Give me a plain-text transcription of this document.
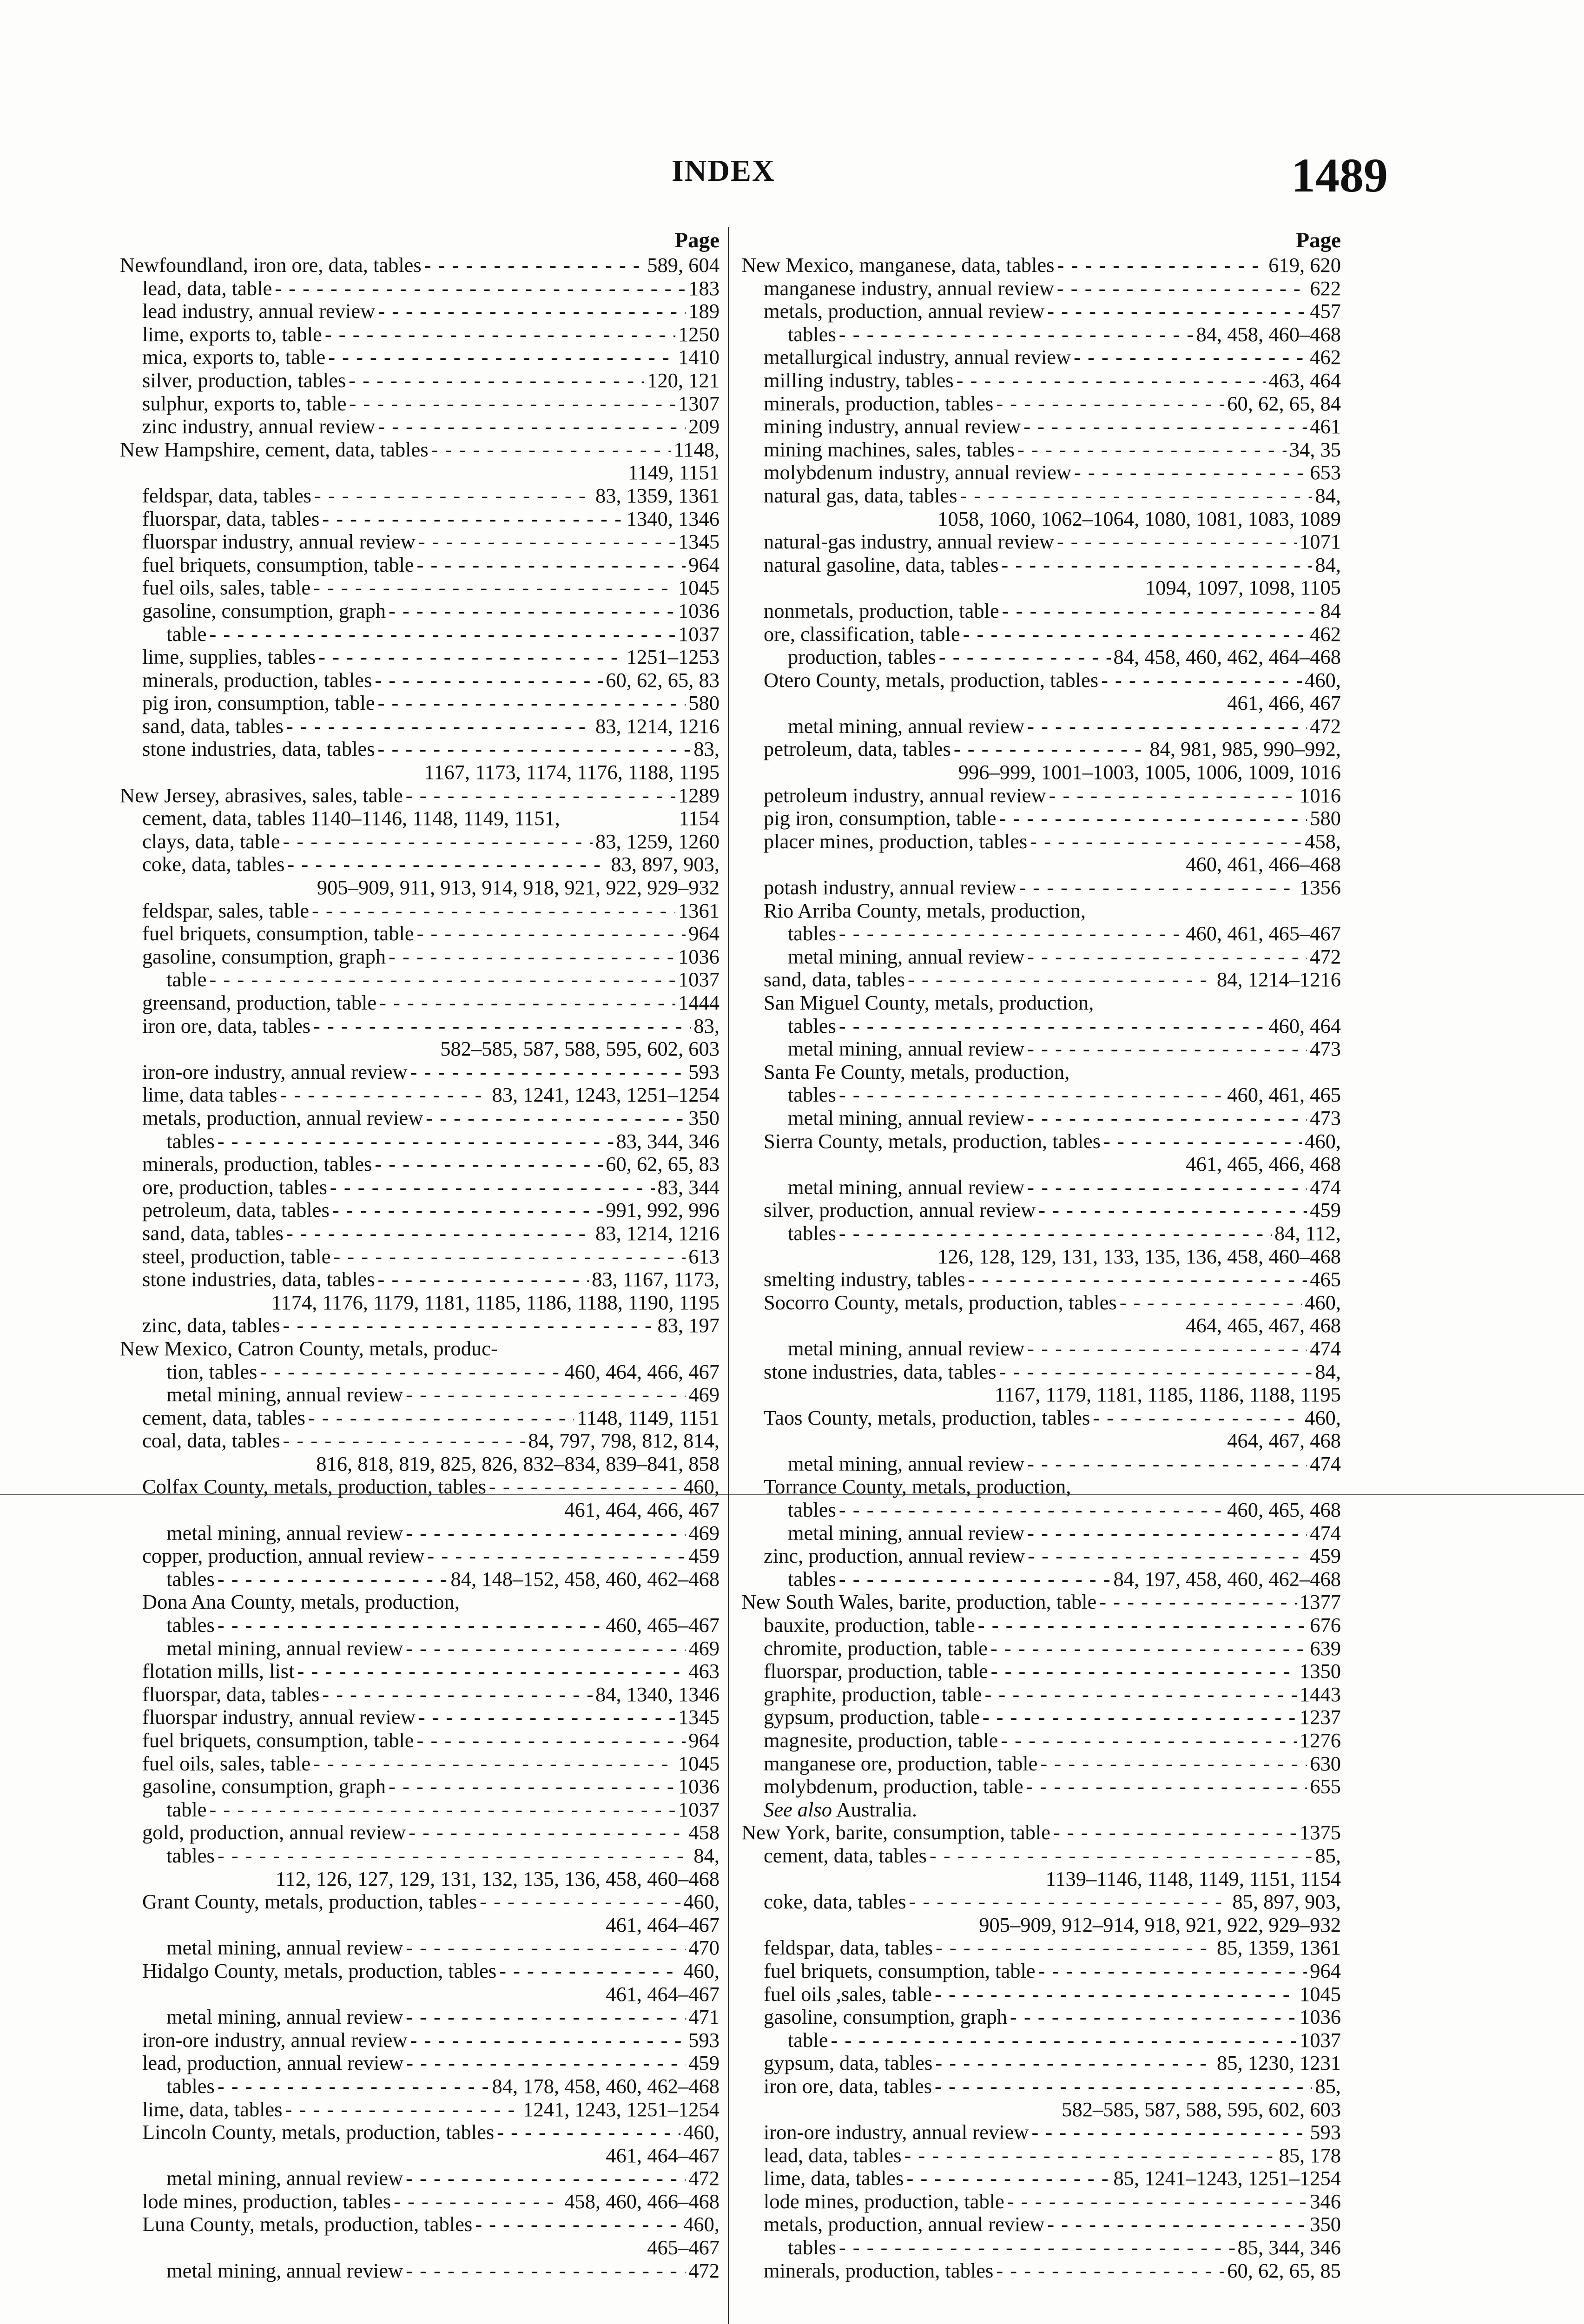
INDEX	1489
Page
Newfoundland, iron ore, data, tables - - -	589, 604
lead, data, table - - -	183
lead industry, annual review - - -	189
lime, exports to, table - - -	1250
mica, exports to, table - - -	1410
silver, production, tables - - -	120, 121
sulphur, exports to, table - - -	1307
zinc industry, annual review - - -	209
New Hampshire, cement, data, tables - - -	1148,
1149, 1151
feldspar, data, tables - - -	83, 1359, 1361
fluorspar, data, tables - - -	1340, 1346
fluorspar industry, annual review - - -	1345
fuel briquets, consumption, table - - -	964
fuel oils, sales, table - - -	1045
gasoline, consumption, graph - - -	1036
table - - -	1037
lime, supplies, tables - - -	1251–1253
minerals, production, tables - - -	60, 62, 65, 83
pig iron, consumption, table - - -	580
sand, data, tables - - -	83, 1214, 1216
stone industries, data, tables - - -	83,
1167, 1173, 1174, 1176, 1188, 1195
New Jersey, abrasives, sales, table - - -	1289
cement, data, tables 1140–1146, 1148, 1149, 1151,	1154
clays, data, table - - -	83, 1259, 1260
coke, data, tables - - -	83, 897, 903,
905–909, 911, 913, 914, 918, 921, 922, 929–932
feldspar, sales, table - - -	1361
fuel briquets, consumption, table - - -	964
gasoline, consumption, graph - - -	1036
table - - -	1037
greensand, production, table - - -	1444
iron ore, data, tables - - -	83,
582–585, 587, 588, 595, 602, 603
iron-ore industry, annual review - - -	593
lime, data tables - - -	83, 1241, 1243, 1251–1254
metals, production, annual review - - -	350
tables - - -	83, 344, 346
minerals, production, tables - - -	60, 62, 65, 83
ore, production, tables - - -	83, 344
petroleum, data, tables - - -	991, 992, 996
sand, data, tables - - -	83, 1214, 1216
steel, production, table - - -	613
stone industries, data, tables - - -	83, 1167, 1173,
1174, 1176, 1179, 1181, 1185, 1186, 1188, 1190, 1195
zinc, data, tables - - -	83, 197
New Mexico, Catron County, metals, produc-
tion, tables - - -	460, 464, 466, 467
metal mining, annual review - - -	469
cement, data, tables - - -	1148, 1149, 1151
coal, data, tables - - -	84, 797, 798, 812, 814,
816, 818, 819, 825, 826, 832–834, 839–841, 858
Colfax County, metals, production, tables - - -	460,
461, 464, 466, 467
metal mining, annual review - - -	469
copper, production, annual review - - -	459
tables - - -	84, 148–152, 458, 460, 462–468
Dona Ana County, metals, production,
tables - - -	460, 465–467
metal mining, annual review - - -	469
flotation mills, list - - -	463
fluorspar, data, tables - - -	84, 1340, 1346
fluorspar industry, annual review - - -	1345
fuel briquets, consumption, table - - -	964
fuel oils, sales, table - - -	1045
gasoline, consumption, graph - - -	1036
table - - -	1037
gold, production, annual review - - -	458
tables - - -	84,
112, 126, 127, 129, 131, 132, 135, 136, 458, 460–468
Grant County, metals, production, tables - - -	460,
461, 464–467
metal mining, annual review - - -	470
Hidalgo County, metals, production, tables - - -	460,
461, 464–467
metal mining, annual review - - -	471
iron-ore industry, annual review - - -	593
lead, production, annual review - - -	459
tables - - -	84, 178, 458, 460, 462–468
lime, data, tables - - -	1241, 1243, 1251–1254
Lincoln County, metals, production, tables - - -	460,
461, 464–467
metal mining, annual review - - -	472
lode mines, production, tables - - -	458, 460, 466–468
Luna County, metals, production, tables - - -	460,
465–467
metal mining, annual review - - -	472
Page
New Mexico, manganese, data, tables - - -	619, 620
manganese industry, annual review - - -	622
metals, production, annual review - - -	457
tables - - -	84, 458, 460–468
metallurgical industry, annual review - - -	462
milling industry, tables - - -	463, 464
minerals, production, tables - - -	60, 62, 65, 84
mining industry, annual review - - -	461
mining machines, sales, tables - - -	34, 35
molybdenum industry, annual review - - -	653
natural gas, data, tables - - -	84,
1058, 1060, 1062–1064, 1080, 1081, 1083, 1089
natural-gas industry, annual review - - -	1071
natural gasoline, data, tables - - -	84,
1094, 1097, 1098, 1105
nonmetals, production, table - - -	84
ore, classification, table - - -	462
production, tables - - -	84, 458, 460, 462, 464–468
Otero County, metals, production, tables - - -	460,
461, 466, 467
metal mining, annual review - - -	472
petroleum, data, tables - - -	84, 981, 985, 990–992,
996–999, 1001–1003, 1005, 1006, 1009, 1016
petroleum industry, annual review - - -	1016
pig iron, consumption, table - - -	580
placer mines, production, tables - - -	458,
460, 461, 466–468
potash industry, annual review - - -	1356
Rio Arriba County, metals, production,
tables - - -	460, 461, 465–467
metal mining, annual review - - -	472
sand, data, tables - - -	84, 1214–1216
San Miguel County, metals, production,
tables - - -	460, 464
metal mining, annual review - - -	473
Santa Fe County, metals, production,
tables - - -	460, 461, 465
metal mining, annual review - - -	473
Sierra County, metals, production, tables - - -	460,
461, 465, 466, 468
metal mining, annual review - - -	474
silver, production, annual review - - -	459
tables - - -	84, 112,
126, 128, 129, 131, 133, 135, 136, 458, 460–468
smelting industry, tables - - -	465
Socorro County, metals, production, tables - - -	460,
464, 465, 467, 468
metal mining, annual review - - -	474
stone industries, data, tables - - -	84,
1167, 1179, 1181, 1185, 1186, 1188, 1195
Taos County, metals, production, tables - - -	460,
464, 467, 468
metal mining, annual review - - -	474
Torrance County, metals, production,
tables - - -	460, 465, 468
metal mining, annual review - - -	474
zinc, production, annual review - - -	459
tables - - -	84, 197, 458, 460, 462–468
New South Wales, barite, production, table - - -	1377
bauxite, production, table - - -	676
chromite, production, table - - -	639
fluorspar, production, table - - -	1350
graphite, production, table - - -	1443
gypsum, production, table - - -	1237
magnesite, production, table - - -	1276
manganese ore, production, table - - -	630
molybdenum, production, table - - -	655
See also Australia.
New York, barite, consumption, table - - -	1375
cement, data, tables - - -	85,
1139–1146, 1148, 1149, 1151, 1154
coke, data, tables - - -	85, 897, 903,
905–909, 912–914, 918, 921, 922, 929–932
feldspar, data, tables - - -	85, 1359, 1361
fuel briquets, consumption, table - - -	964
fuel oils ,sales, table - - -	1045
gasoline, consumption, graph - - -	1036
table - - -	1037
gypsum, data, tables - - -	85, 1230, 1231
iron ore, data, tables - - -	85,
582–585, 587, 588, 595, 602, 603
iron-ore industry, annual review - - -	593
lead, data, tables - - -	85, 178
lime, data, tables - - -	85, 1241–1243, 1251–1254
lode mines, production, table - - -	346
metals, production, annual review - - -	350
tables - - -	85, 344, 346
minerals, production, tables - - -	60, 62, 65, 85
